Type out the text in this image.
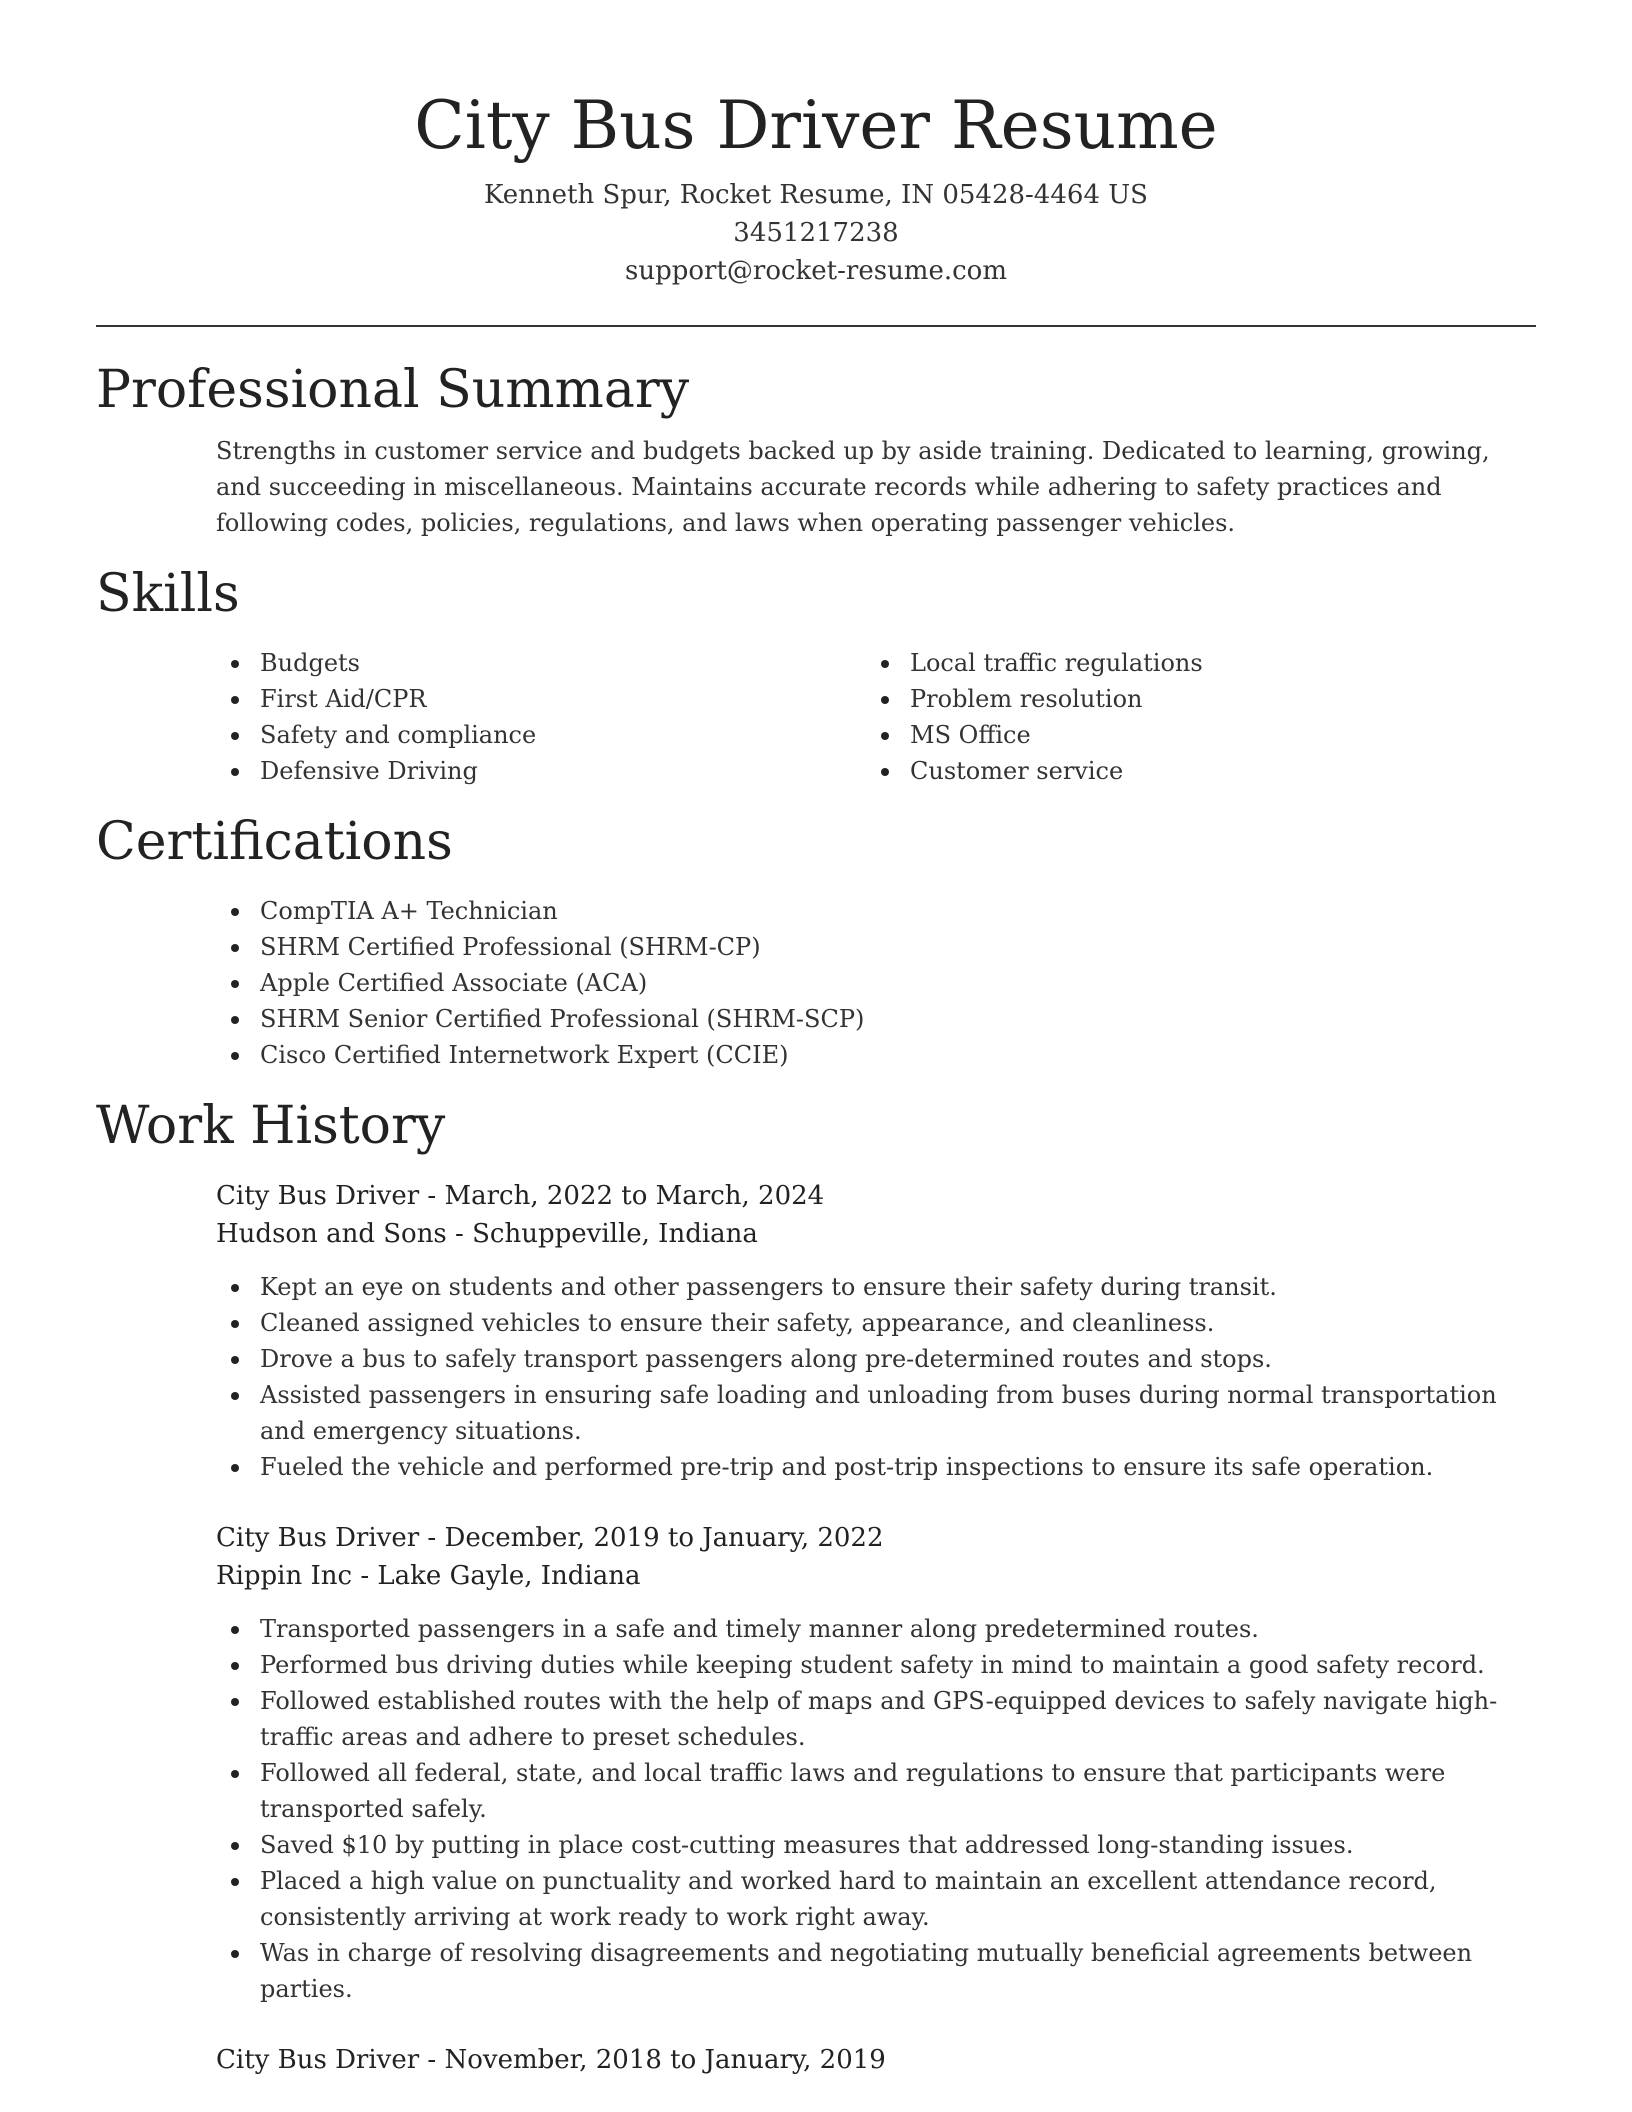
City Bus Driver Resume
Kenneth Spur, Rocket Resume, IN 05428-4464 US
3451217238
support@rocket-resume.com
Professional Summary

Strengths in customer service and budgets backed up by aside training. Dedicated to learning, growing, and succeeding in miscellaneous. Maintains accurate records while adhering to safety practices and following codes, policies, regulations, and laws when operating passenger vehicles.

Skills
Budgets
First Aid/CPR
Safety and compliance
Defensive Driving
Local traffic regulations
Problem resolution
MS Office
Customer service
Certifications
CompTIA A+ Technician
SHRM Certified Professional (SHRM-CP)
Apple Certified Associate (ACA)
SHRM Senior Certified Professional (SHRM-SCP)
Cisco Certified Internetwork Expert (CCIE)
Work History
City Bus Driver - March, 2022 to March, 2024
Hudson and Sons - Schuppeville, Indiana
Kept an eye on students and other passengers to ensure their safety during transit.
Cleaned assigned vehicles to ensure their safety, appearance, and cleanliness.
Drove a bus to safely transport passengers along pre-determined routes and stops.
Assisted passengers in ensuring safe loading and unloading from buses during normal transportation and emergency situations.
Fueled the vehicle and performed pre-trip and post-trip inspections to ensure its safe operation.
City Bus Driver - December, 2019 to January, 2022
Rippin Inc - Lake Gayle, Indiana
Transported passengers in a safe and timely manner along predetermined routes.
Performed bus driving duties while keeping student safety in mind to maintain a good safety record.
Followed established routes with the help of maps and GPS-equipped devices to safely navigate high-traffic areas and adhere to preset schedules.
Followed all federal, state, and local traffic laws and regulations to ensure that participants were transported safely.
Saved $10 by putting in place cost-cutting measures that addressed long-standing issues.
Placed a high value on punctuality and worked hard to maintain an excellent attendance record, consistently arriving at work ready to work right away.
Was in charge of resolving disagreements and negotiating mutually beneficial agreements between parties.
City Bus Driver - November, 2018 to January, 2019
